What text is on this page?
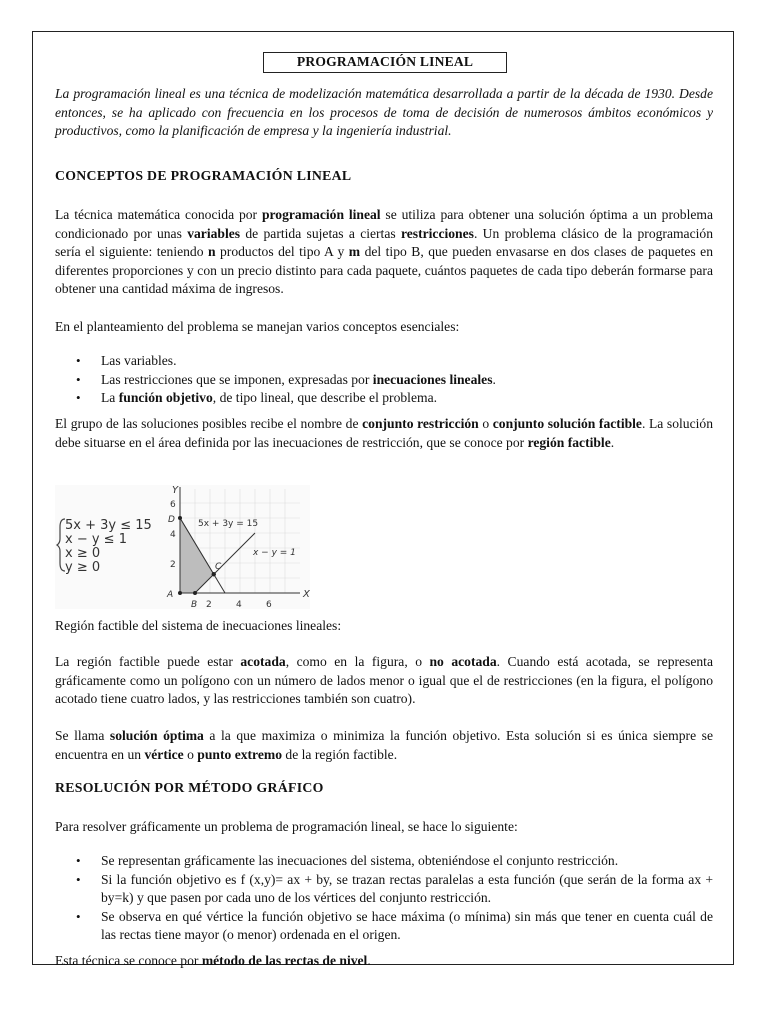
PROGRAMACIÓN LINEAL

La programación lineal es una técnica de modelización matemática desarrollada a partir de la década de 1930. Desde entonces, se ha aplicado con frecuencia en los procesos de toma de decisión de numerosos ámbitos económicos y productivos, como la planificación de empresa y la ingeniería industrial.

CONCEPTOS DE PROGRAMACIÓN LINEAL

La técnica matemática conocida por programación lineal se utiliza para obtener una solución óptima a un problema condicionado por unas variables de partida sujetas a ciertas restricciones. Un problema clásico de la programación sería el siguiente: teniendo n productos del tipo A y m del tipo B, que pueden envasarse en dos clases de paquetes en diferentes proporciones y con un precio distinto para cada paquete, cuántos paquetes de cada tipo deberán formarse para obtener una cantidad máxima de ingresos.

En el planteamiento del problema se manejan varios conceptos esenciales:

• Las variables.
• Las restricciones que se imponen, expresadas por inecuaciones lineales.
• La función objetivo, de tipo lineal, que describe el problema.

El grupo de las soluciones posibles recibe el nombre de conjunto restricción o conjunto solución factible. La solución debe situarse en el área definida por las inecuaciones de restricción, que se conoce por región factible.

5x + 3y ≤ 15
x − y ≤ 1
x ≥ 0
y ≥ 0
X
Y
2	4	6
6
4
2
5x + 3y = 15
x − y = 1
A
B
C
D

Región factible del sistema de inecuaciones lineales:

La región factible puede estar acotada, como en la figura, o no acotada. Cuando está acotada, se representa gráficamente como un polígono con un número de lados menor o igual que el de restricciones (en la figura, el polígono acotado tiene cuatro lados, y las restricciones también son cuatro).

Se llama solución óptima a la que maximiza o minimiza la función objetivo. Esta solución si es única siempre se encuentra en un vértice o punto extremo de la región factible.

RESOLUCIÓN POR MÉTODO GRÁFICO

Para resolver gráficamente un problema de programación lineal, se hace lo siguiente:

• Se representan gráficamente las inecuaciones del sistema, obteniéndose el conjunto restricción.
• Si la función objetivo es f (x,y)= ax + by, se trazan rectas paralelas a esta función (que serán de la forma ax + by=k) y que pasen por cada uno de los vértices del conjunto restricción.
• Se observa en qué vértice la función objetivo se hace máxima (o mínima) sin más que tener en cuenta cuál de las rectas tiene mayor (o menor) ordenada en el origen.

Esta técnica se conoce por método de las rectas de nivel.
